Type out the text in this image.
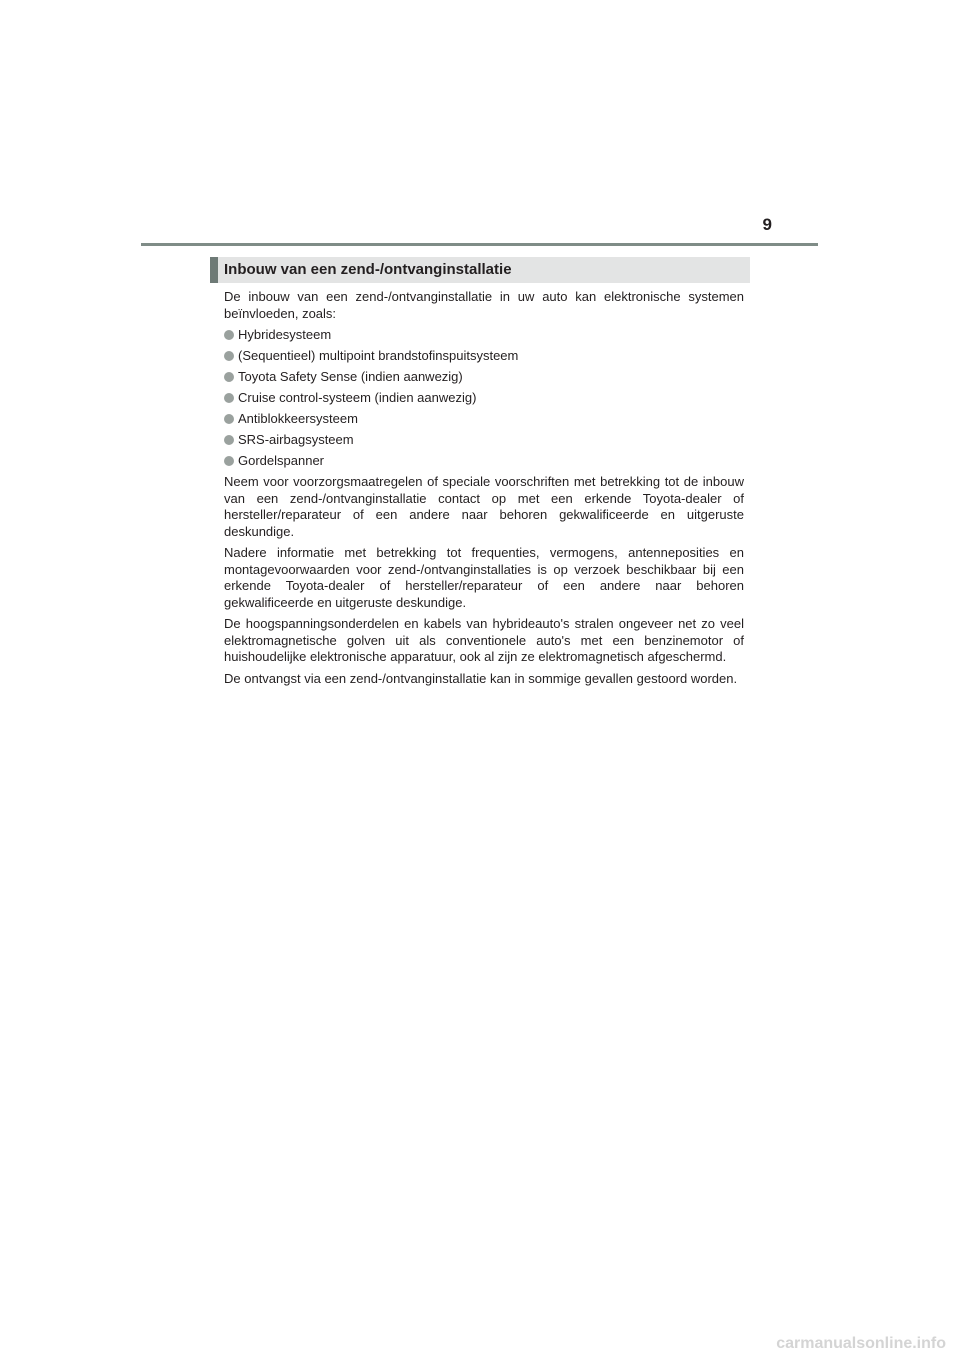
9
Inbouw van een zend-/ontvanginstallatie

De inbouw van een zend-/ontvanginstallatie in uw auto kan elektronische systemen beïnvloeden, zoals:

Hybridesysteem
(Sequentieel) multipoint brandstofinspuitsysteem
Toyota Safety Sense (indien aanwezig)
Cruise control-systeem (indien aanwezig)
Antiblokkeersysteem
SRS-airbagsysteem
Gordelspanner

Neem voor voorzorgsmaatregelen of speciale voorschriften met betrekking tot de inbouw van een zend-/ontvanginstallatie contact op met een erkende Toyota-dealer of hersteller/reparateur of een andere naar behoren gekwalificeerde en uitgeruste deskundige.

Nadere informatie met betrekking tot frequenties, vermogens, antenneposities en montagevoorwaarden voor zend-/ontvanginstallaties is op verzoek beschikbaar bij een erkende Toyota-dealer of hersteller/reparateur of een andere naar behoren gekwalificeerde en uitgeruste deskundige.

De hoogspanningsonderdelen en kabels van hybrideauto's stralen ongeveer net zo veel elektromagnetische golven uit als conventionele auto's met een benzinemotor of huishoudelijke elektronische apparatuur, ook al zijn ze elektromagnetisch afgeschermd.

De ontvangst via een zend-/ontvanginstallatie kan in sommige gevallen gestoord worden.

carmanualsonline.info
